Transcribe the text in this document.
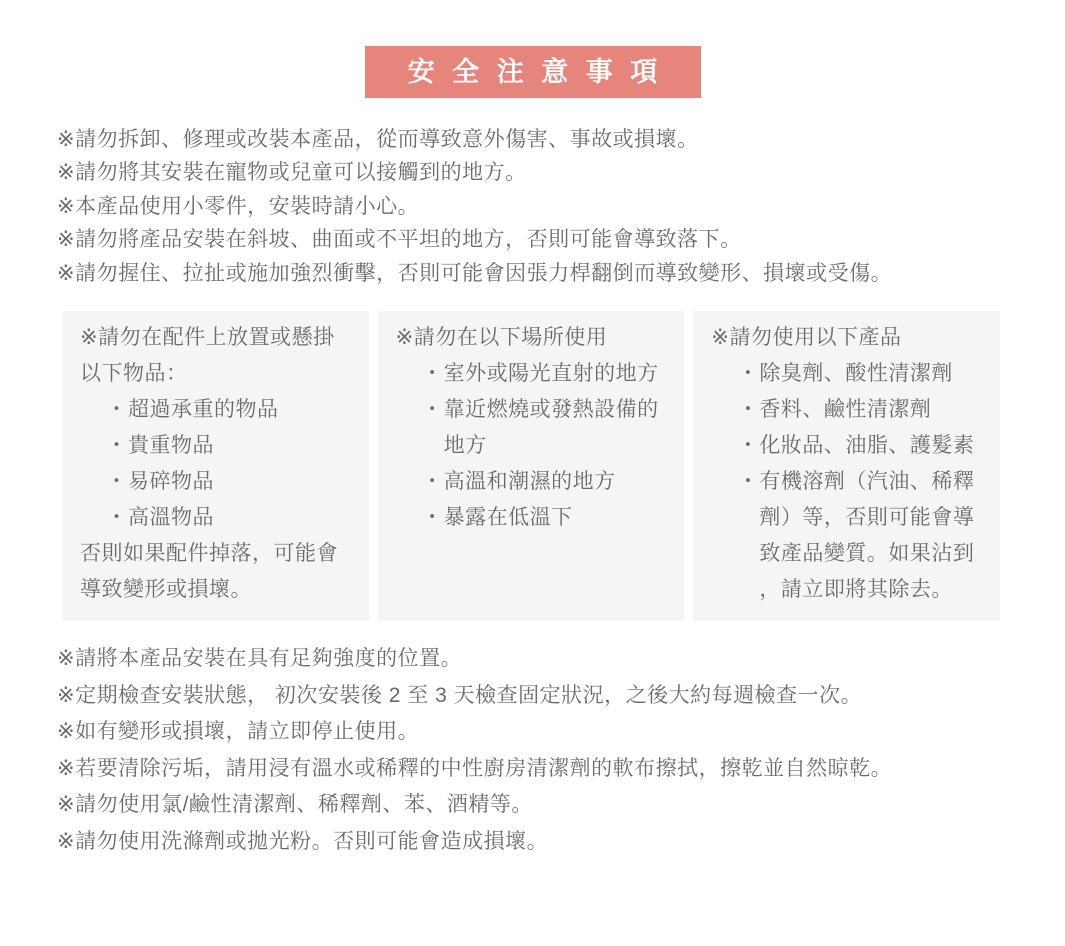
安 全 注 意 事 項

※請勿拆卸、修理或改裝本產品，從而導致意外傷害、事故或損壞。

※請勿將其安裝在寵物或兒童可以接觸到的地方。

※本產品使用小零件，安裝時請小心。

※請勿將產品安裝在斜坡、曲面或不平坦的地方，否則可能會導致落下。

※請勿握住、拉扯或施加強烈衝擊，否則可能會因張力桿翻倒而導致變形、損壞或受傷。

※請勿在配件上放置或懸掛以下物品：

・ 超過承重的物品
・ 貴重物品
・ 易碎物品
・ 高溫物品

否則如果配件掉落，可能會導致變形或損壞。

※請勿在以下場所使用

・ 室外或陽光直射的地方
・ 靠近燃燒或發熱設備的地方
・ 高溫和潮濕的地方
・ 暴露在低溫下

※請勿使用以下產品

・ 除臭劑、酸性清潔劑
・ 香料、鹼性清潔劑
・ 化妝品、油脂、護髮素
・ 有機溶劑（汽油、稀釋劑）等，否則可能會導致產品變質。如果沾到，請立即將其除去。

※請將本產品安裝在具有足夠強度的位置。

※定期檢查安裝狀態， 初次安裝後 2 至 3 天檢查固定狀況，之後大約每週檢查一次。

※如有變形或損壞，請立即停止使用。

※若要清除污垢，請用浸有溫水或稀釋的中性廚房清潔劑的軟布擦拭，擦乾並自然晾乾。

※請勿使用氯/鹼性清潔劑、稀釋劑、苯、酒精等。

※請勿使用洗滌劑或拋光粉。否則可能會造成損壞。
